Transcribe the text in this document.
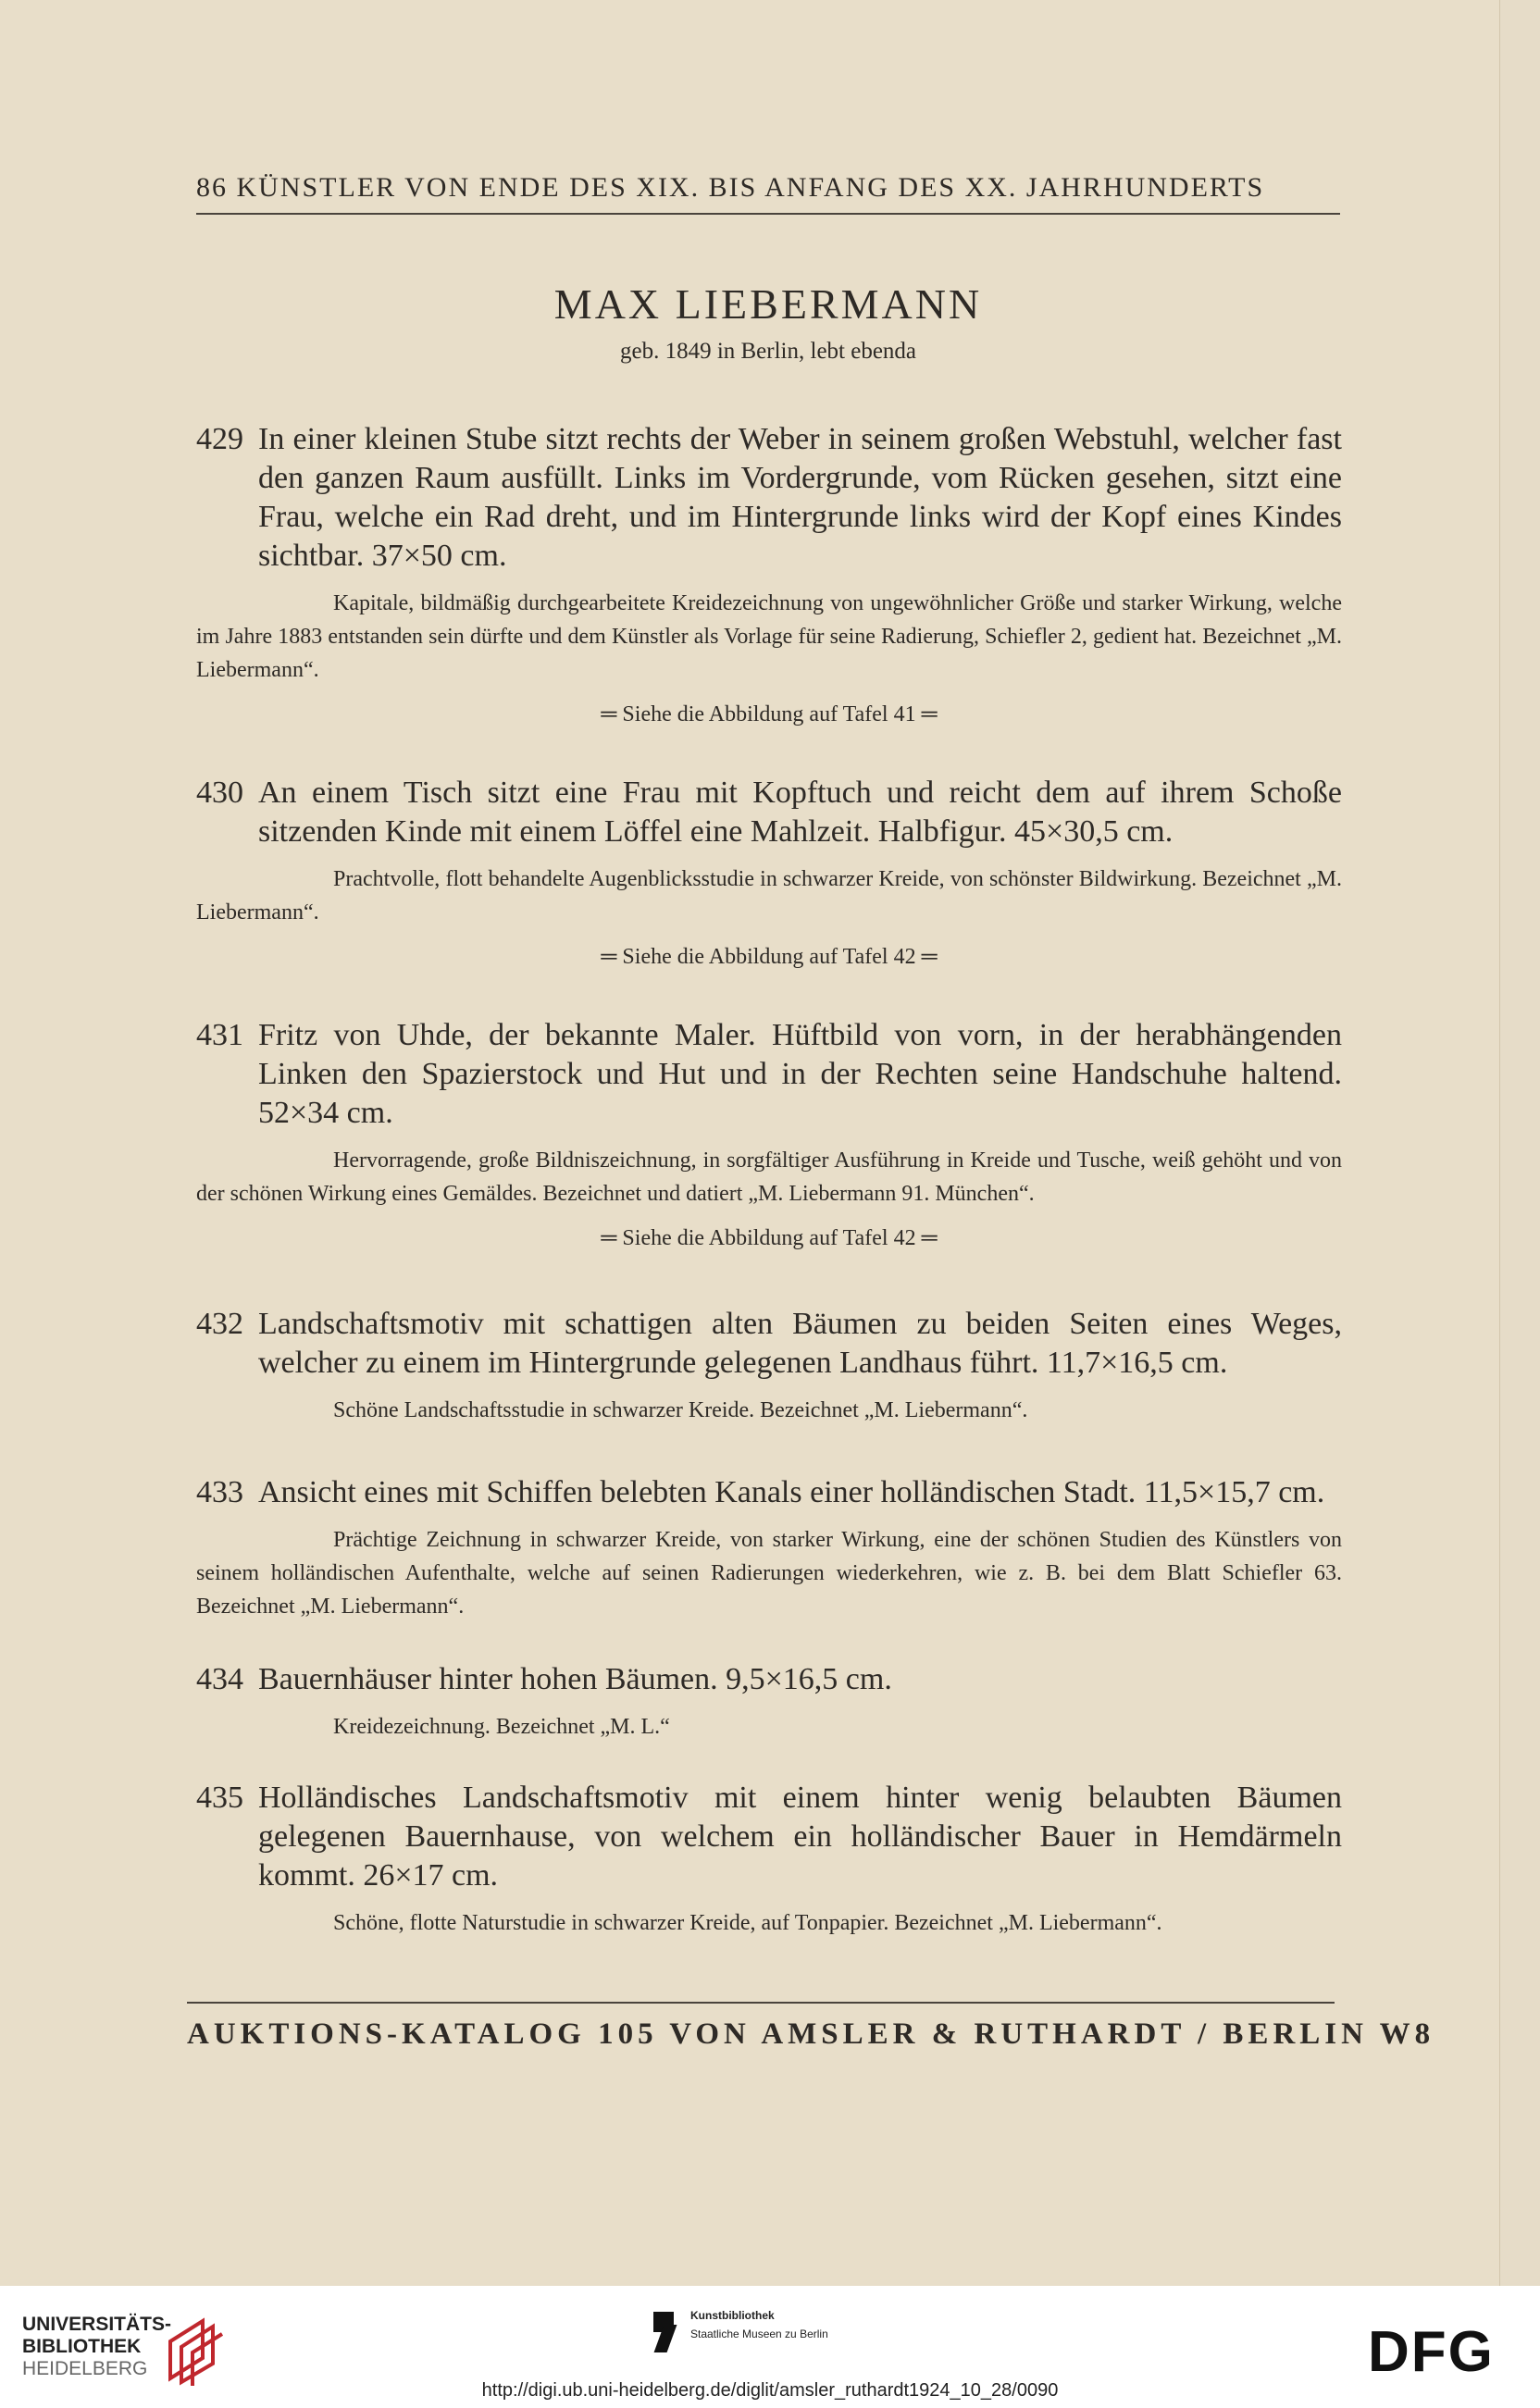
86 KÜNSTLER VON ENDE DES XIX. BIS ANFANG DES XX. JAHRHUNDERTS
MAX LIEBERMANN
geb. 1849 in Berlin, lebt ebenda
429 In einer kleinen Stube sitzt rechts der Weber in seinem großen Webstuhl, welcher fast den ganzen Raum ausfüllt. Links im Vordergrunde, vom Rücken gesehen, sitzt eine Frau, welche ein Rad dreht, und im Hintergrunde links wird der Kopf eines Kindes sichtbar. 37×50 cm.
Kapitale, bildmäßig durchgearbeitete Kreidezeichnung von ungewöhnlicher Größe und starker Wirkung, welche im Jahre 1883 entstanden sein dürfte und dem Künstler als Vorlage für seine Radierung, Schiefler 2, gedient hat. Bezeichnet „M. Liebermann“.
═ Siehe die Abbildung auf Tafel 41 ═
430 An einem Tisch sitzt eine Frau mit Kopftuch und reicht dem auf ihrem Schoße sitzenden Kinde mit einem Löffel eine Mahlzeit. Halbfigur. 45×30,5 cm.
Prachtvolle, flott behandelte Augenblicksstudie in schwarzer Kreide, von schönster Bildwirkung. Bezeichnet „M. Liebermann“.
═ Siehe die Abbildung auf Tafel 42 ═
431 Fritz von Uhde, der bekannte Maler. Hüftbild von vorn, in der herabhängenden Linken den Spazierstock und Hut und in der Rechten seine Handschuhe haltend. 52×34 cm.
Hervorragende, große Bildniszeichnung, in sorgfältiger Ausführung in Kreide und Tusche, weiß gehöht und von der schönen Wirkung eines Gemäldes. Bezeichnet und datiert „M. Liebermann 91. München“.
═ Siehe die Abbildung auf Tafel 42 ═
432 Landschaftsmotiv mit schattigen alten Bäumen zu beiden Seiten eines Weges, welcher zu einem im Hintergrunde gelegenen Landhaus führt. 11,7×16,5 cm.
Schöne Landschaftsstudie in schwarzer Kreide. Bezeichnet „M. Liebermann“.
433 Ansicht eines mit Schiffen belebten Kanals einer holländischen Stadt. 11,5×15,7 cm.
Prächtige Zeichnung in schwarzer Kreide, von starker Wirkung, eine der schönen Studien des Künstlers von seinem holländischen Aufenthalte, welche auf seinen Radierungen wiederkehren, wie z. B. bei dem Blatt Schiefler 63. Bezeichnet „M. Liebermann“.
434 Bauernhäuser hinter hohen Bäumen. 9,5×16,5 cm.
Kreidezeichnung. Bezeichnet „M. L.“
435 Holländisches Landschaftsmotiv mit einem hinter wenig belaubten Bäumen gelegenen Bauernhause, von welchem ein holländischer Bauer in Hemdärmeln kommt. 26×17 cm.
Schöne, flotte Naturstudie in schwarzer Kreide, auf Tonpapier. Bezeichnet „M. Liebermann“.
AUKTIONS-KATALOG 105 VON AMSLER & RUTHARDT / BERLIN W8
UNIVERSITÄTS-
BIBLIOTHEK
HEIDELBERG
Kunstbibliothek
Staatliche Museen zu Berlin	DFG
http://digi.ub.uni-heidelberg.de/diglit/amsler_ruthardt1924_10_28/0090
